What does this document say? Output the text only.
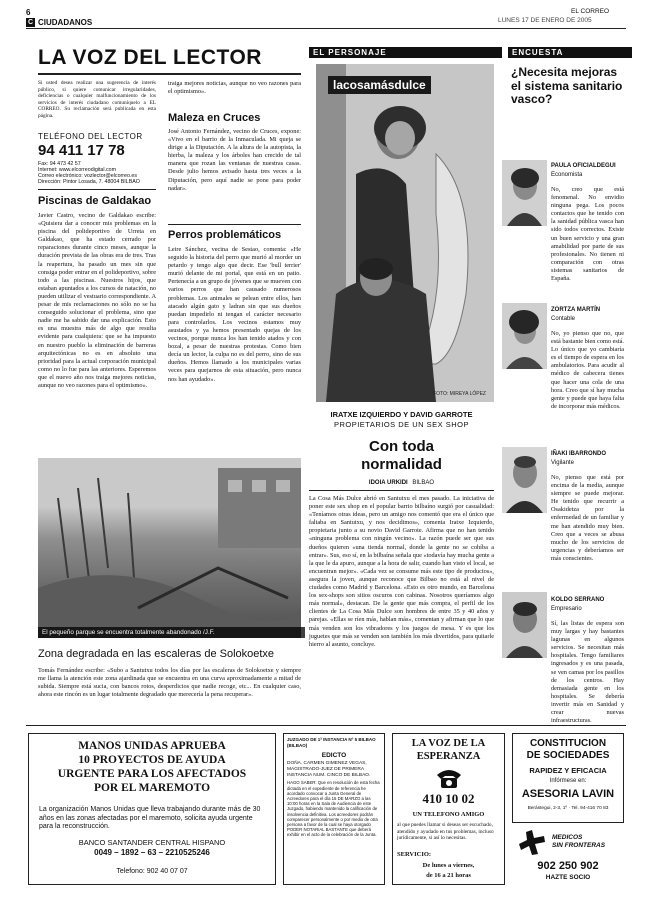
6
C CIUDADANOS
EL CORREO
LUNES 17 DE ENERO DE 2005
LA VOZ DEL LECTOR
Si usted desea realizar una sugerencia de interés público, si quiere comunicar irregularidades, deficiencias o cualquier malfuncionamiento de los servicios de interés ciudadano comuníquelo a EL CORREO. Su reclamación será publicada en esta página.
TELÉFONO DEL LECTOR
94 411 17 78
Fax: 94 473 42 57
Internet: www.elcorreodigital.com
Correo electrónico: vozlector@elcorreo.es
Dirección: Pintor Losada, 7. 48004 BILBAO
Piscinas de Galdakao
Javier Castro, vecino de Galdakao escribe: «Quisiera dar a conocer mis problemas en la piscina del polideportivo de Urreta en Galdakao, que ha estado cerrado por reparaciones durante cinco meses, aunque la duración prevista de las obras era de tres. Tras la reapertura, ha pasado un mes sin que consiga poder entrar en el polideportivo, sobre todo a las piscinas. Nuestros hijos, que estaban apuntados a los cursos de natación, no pueden utilizar el vestuario correspondiente. A pesar de mis reclamaciones no sólo no se ha conseguido solucionar el problema, sino que nadie me ha sabido dar una explicación. Esto es una muestra más de algo que resulta evidente para cualquiera: que se ha impuesto en nuestro pueblo la eliminación de barreras arquitectónicas no es en absoluto una prioridad para la actual corporación municipal como no lo fue para las anteriores. Esperemos que el nuevo año nos traiga mejores noticias, aunque no veo razones para el optimismo».
traiga mejores noticias, aunque no veo razones para el optimismo».
Maleza en Cruces
José Antonio Fernández, vecino de Cruces, expone: «Vivo en el barrio de la Inmaculada. Mi queja se dirige a la Diputación. A la altura de la autopista, la hierba, la maleza y los árboles han crecido de tal manera que rozan las ventanas de nuestras casas. Desde julio hemos avisado hasta tres veces a la Diputación, pero aquí nadie se pone para poder nadar».
Perros problemáticos
Leire Sánchez, vecina de Sestao, comenta: «He seguido la historia del perro que murió al morder un petardo y tengo algo que decir. Ese 'bull terrier' murió delante de mi portal, que está en un patio. Pertenecía a un grupo de jóvenes que se mueven con varios perros que han causado numerosos problemas. Los animales se pelean entre ellos, han atacado algún gato y ladran sin que sus dueños puedan impedirlo ni tengan el carácter necesario para controlarlos. Los vecinos estamos muy asustados y ya hemos presentado quejas de los vecinos, porque nunca los han tenido atados y con bozal, a pesar de nuestras protestas. Como bien decía un lector, la culpa no es del perro, sino de sus dueños. Hemos llamado a los municipales varias veces para quejarnos de esta situación, pero nunca nos han ayudado».
El pequeño parque se encuentra totalmente abandonado /J.F.
Zona degradada en las escaleras de Solokoetxe
Tomás Fernández escribe: «Subo a Santutxu todos los días por las escaleras de Solokoetxe y siempre me llama la atención este zona ajardinada que se encuentra en una curva aproximadamente a mitad de subida. Siempre está sucia, con bancos rotos, desperdicios que nadie recoge, etc... En cualquier caso, ahora este rincón es un lugar totalmente degradado que merecería la pena recuperar».
EL PERSONAJE
lacosamásdulce
FOTO: MIREYA LÓPEZ
IRATXE IZQUIERDO Y DAVID GARROTE
PROPIETARIOS DE UN SEX SHOP
Con toda
normalidad
IDOIA URKIDI BILBAO
La Cosa Más Dulce abrió en Santutxu el mes pasado. La iniciativa de poner este sex shop en el popular barrio bilbaíno surgió por casualidad: «Teníamos otras ideas, pero un amigo nos comentó que era el único que faltaba en Santutxu, y nos decidimos», comenta Iratxe Izquierdo, propietaria junto a su novio David Garrote. Afirma que no han tenido «ninguna problema con ningún vecino». La razón puede ser que sus dueños quieren «una tienda normal, donde la gente no se cohíba a entrar». Sus, eso sí, en la bilbaína señala que «todavía hay mucha gente a la que le da apuro, aunque a la hora de salir, cuando han visto el local, se encuentran mejor». «Cada vez se consume más este tipo de productos», asegura la joven, aunque reconoce que Bilbao no está al nivel de ciudades como Madrid y Barcelona. «Esto es otro mundo, en Barcelona los sex-shops son sitios oscuros con cabinas. Nosotros queríamos algo más normal», destacan. De la gente que más compra, el perfil de los clientes de La Cosa Más Dulce son hombres de entre 35 y 40 años y parejas. «Ellas se ríen más, hablan más», comentan y afirman que lo que más venden son los vibradores y los juegos de mesa. Y es que los juguetes que más se venden son también los más divertidos, para quitarle hierro al asunto, concluye.
ENCUESTA
¿Necesita mejoras el sistema sanitario vasco?
PAULA OFICIALDEGUI
Economista
No, creo que está fenomenal. No envidio ninguna pega. Los pocos contactos que he tenido con la sanidad pública vasca han sido todos correctos. Existe un buen servicio y una gran amabilidad por parte de sus profesionales. No tienen ni comparación con otras sistemas sanitarios de España.
ZORTZA MARTÍN
Contable
No, yo pienso que no, que está bastante bien como está. Lo único que yo cambiaría es el tiempo de espera en los ambulatorios. Para acudir al médico de cabecera tienes que hacer una cola de una hora. Creo que sí hay mucha gente y puede que haya falta de incorporar más médicos.
IÑAKI IBARRONDO
Vigilante
No, pienso que está por encima de la media, aunque siempre se puede mejorar. He tenido que recurrir a Osakidetza por la enfermedad de un familiar y me han atendido muy bien. Creo que a veces se abusa mucho de los servicios de urgencias y deberíamos ser más conscientes.
KOLDO SERRANO
Empresario
Sí, las listas de espera son muy largas y hay bastantes lagunas en algunos servicios. Se necesitan más hospitales. Tengo familiares ingresados y es una pasada, se ven camas por los pasillos de los centros. Hay demasiada gente en los hospitales. Se debería invertir más en Sanidad y crear nuevas infraestructuras.
MANOS UNIDAS APRUEBA
10 PROYECTOS DE AYUDA
URGENTE PARA LOS AFECTADOS
POR EL MAREMOTO
La organización Manos Unidas que lleva trabajando durante más de 30 años en las zonas afectadas por el maremoto, solicita ayuda urgente para la reconstrucción.
BANCO SANTANDER CENTRAL HISPANO
0049 – 1892 – 63 – 2210525246
Telefono: 902 40 07 07
JUZGADO DE 1ª INSTANCIA Nº 5 BILBAO (BILBAO)
EDICTO
DOÑA. CARMEN GIMENEZ VEGAS, MAGISTRADO-JUEZ DE PRIMERA INSTANCIA NUM. CINCO DE BILBAO.
HAGO SABER: Que en resolución de esta fecha dictada en el expediente de referencia he acordado convocar a Junta General de Acreedores para el día 15 DE MARZO a las 10:00 horas en la Sala de Audiencia de este Juzgado, habiendo mantenido la calificación de insolvencia definitiva. Los acreedores podrán comparecer personalmente o por medio de otra persona a favor de la cual se haya otorgado PODER NOTARIAL BASTANTE que deberá exhibir en el acto de la celebración de la Junta.
LA VOZ DE LA
ESPERANZA
410 10 02
UN TELEFONO AMIGO
al que puedes llamar si deseas ser escuchado, atendido y ayudado en tus problemas, incluso jurídicamente, si así lo necesitas.
SERVICIO:
De lunes a viernes,
de 16 a 21 horas
CONSTITUCION
DE SOCIEDADES
RAPIDEZ Y EFICACIA
Infórmese en:
ASESORIA LAVIN
Berástegui, 2-3, 1º · Tel. 94-416 70 83
MEDICOS
SIN FRONTERAS
902 250 902
HAZTE SOCIO
